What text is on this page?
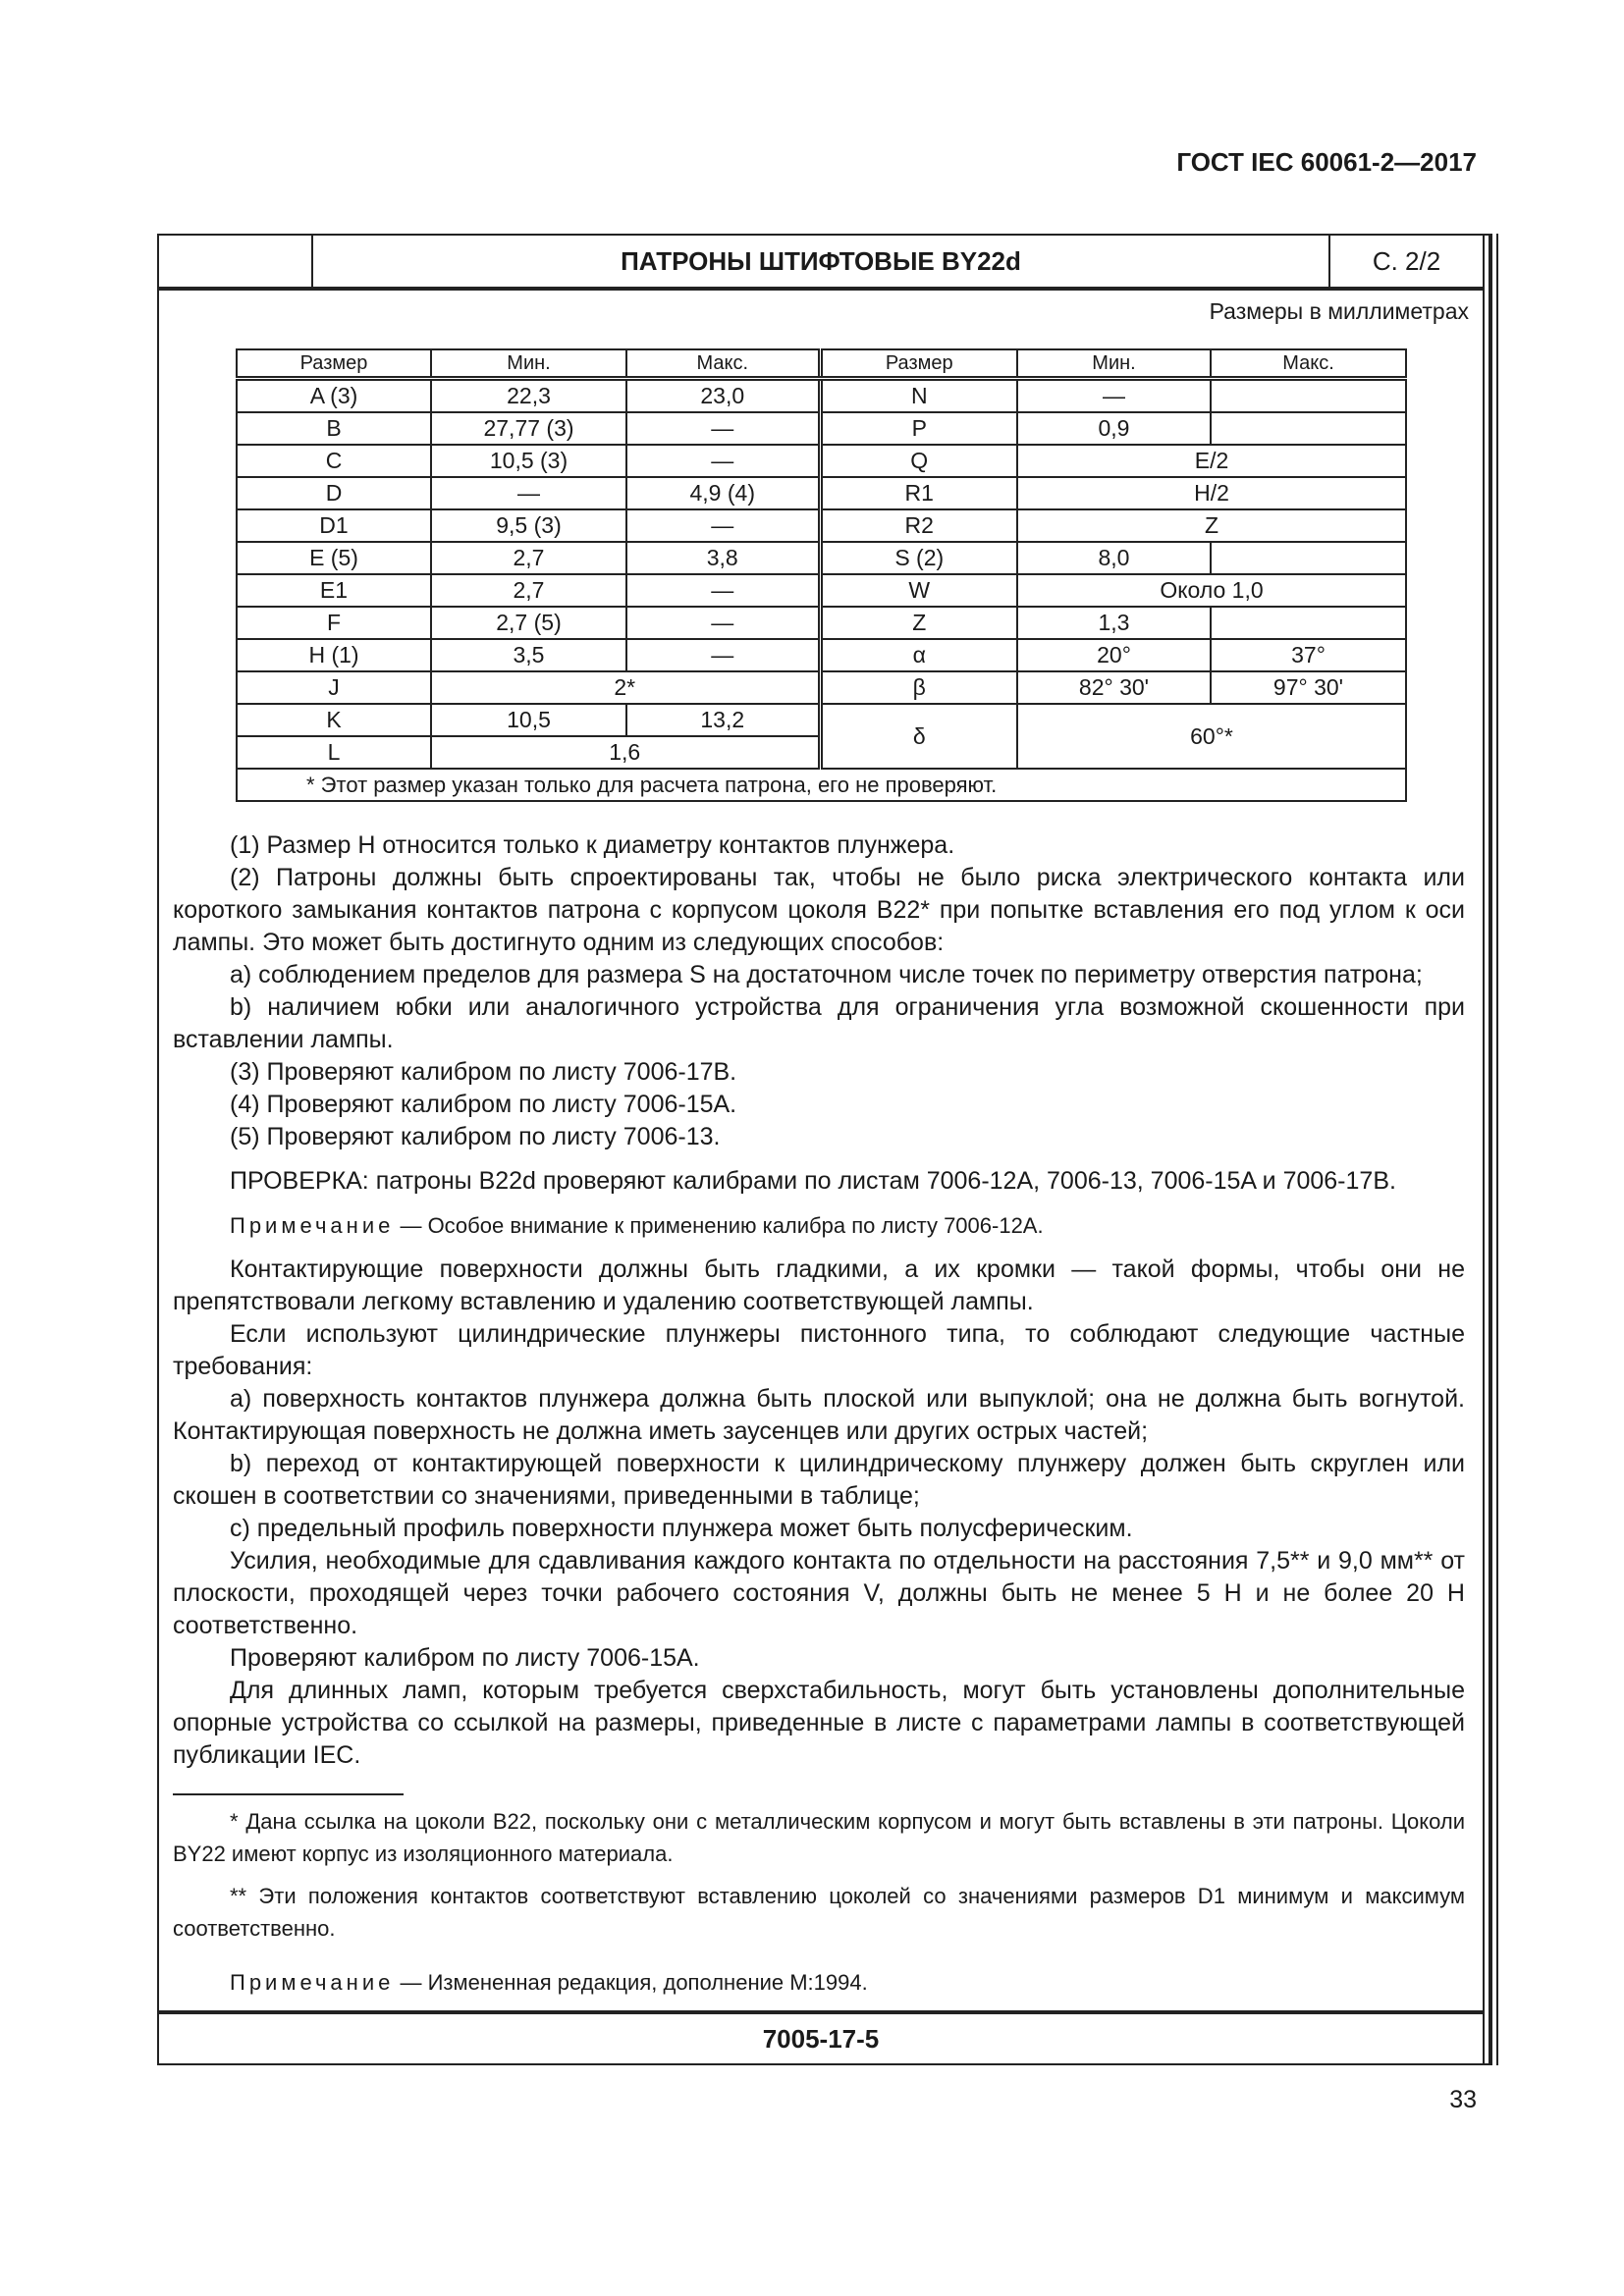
ГОСТ IEC 60061-2—2017
ПАТРОНЫ ШТИФТОВЫЕ BY22d	С. 2/2
Размеры в миллиметрах
Размер	Мин.	Макс.	Размер	Мин.	Макс.
A (3)	22,3	23,0	N	—	
B	27,77 (3)	—	P	0,9	
C	10,5 (3)	—	Q	E/2	
D	—	4,9 (4)	R1	H/2	
D1	9,5 (3)	—	R2	Z	
E (5)	2,7	3,8	S (2)	8,0	
E1	2,7	—	W	Около 1,0	
F	2,7 (5)	—	Z	1,3	
H (1)	3,5	—	α	20°	37°
J	2*		β	82° 30'	97° 30'
K	10,5	13,2	δ	60°*	
L	1,6				
* Этот размер указан только для расчета патрона, его не проверяют.					

(1) Размер H относится только к диаметру контактов плунжера.

(2) Патроны должны быть спроектированы так, чтобы не было риска электрического контакта или короткого замыкания контактов патрона с корпусом цоколя B22* при попытке вставления его под углом к оси лампы. Это может быть достигнуто одним из следующих способов:

a) соблюдением пределов для размера S на достаточном числе точек по периметру отверстия патрона;

b) наличием юбки или аналогичного устройства для ограничения угла возможной скошенности при вставлении лампы.

(3) Проверяют калибром по листу 7006-17B.

(4) Проверяют калибром по листу 7006-15A.

(5) Проверяют калибром по листу 7006-13.

ПРОВЕРКА: патроны B22d проверяют калибрами по листам 7006-12A, 7006-13, 7006-15A и 7006-17B.

Примечание — Особое внимание к применению калибра по листу 7006-12A.

Контактирующие поверхности должны быть гладкими, а их кромки — такой формы, чтобы они не препятствовали легкому вставлению и удалению соответствующей лампы.

Если используют цилиндрические плунжеры пистонного типа, то соблюдают следующие частные требования:

a) поверхность контактов плунжера должна быть плоской или выпуклой; она не должна быть вогнутой. Контактирующая поверхность не должна иметь заусенцев или других острых частей;

b) переход от контактирующей поверхности к цилиндрическому плунжеру должен быть скруглен или скошен в соответствии со значениями, приведенными в таблице;

c) предельный профиль поверхности плунжера может быть полусферическим.

Усилия, необходимые для сдавливания каждого контакта по отдельности на расстояния 7,5** и 9,0 мм** от плоскости, проходящей через точки рабочего состояния V, должны быть не менее 5 H и не более 20 H соответственно.

Проверяют калибром по листу 7006-15A.

Для длинных ламп, которым требуется сверхстабильность, могут быть установлены дополнительные опорные устройства со ссылкой на размеры, приведенные в листе с параметрами лампы в соответствующей публикации IEC.

* Дана ссылка на цоколи B22, поскольку они с металлическим корпусом и могут быть вставлены в эти патроны. Цоколи BY22 имеют корпус из изоляционного материала.

** Эти положения контактов соответствуют вставлению цоколей со значениями размеров D1 минимум и максимум соответственно.

Примечание — Измененная редакция, дополнение M:1994.

7005-17-5
33
